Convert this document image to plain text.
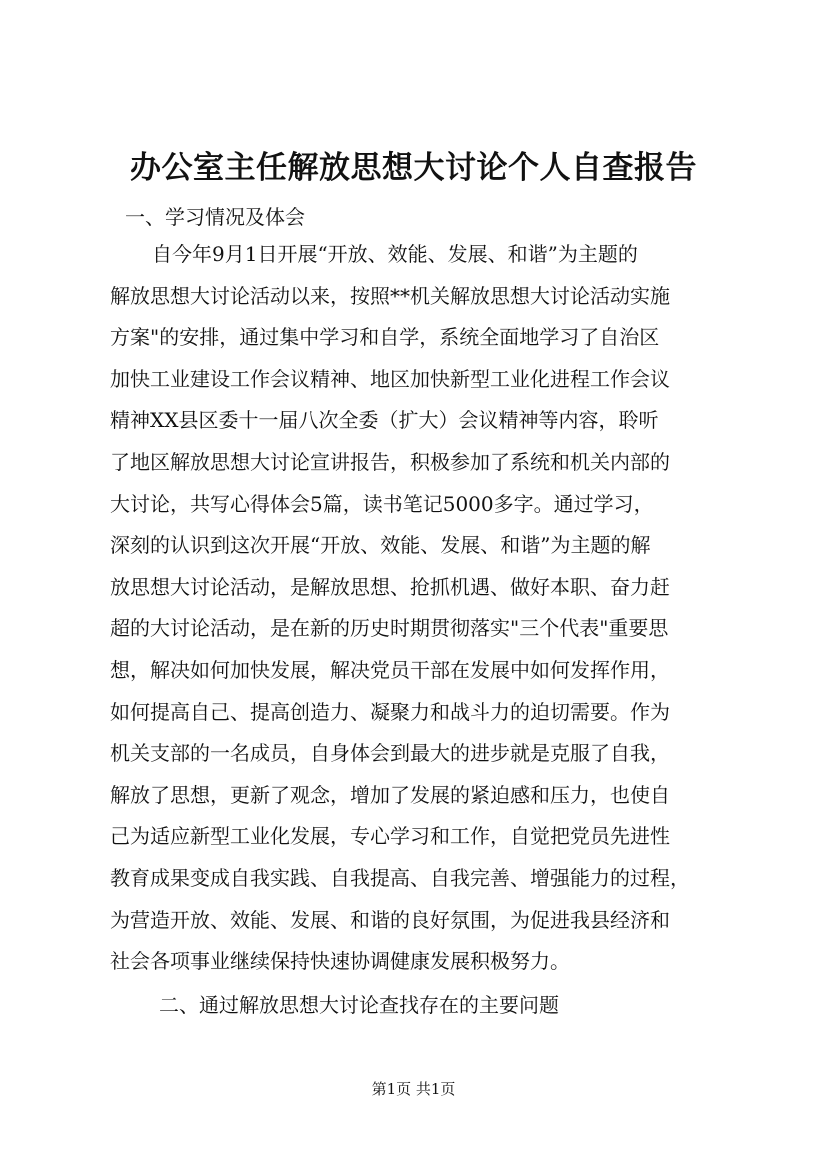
办公室主任解放思想大讨论个人自查报告

一、学习情况及体会

自今年9月1日开展“开放、效能、发展、和谐”为主题的
解放思想大讨论活动以来，按照**机关解放思想大讨论活动实施
方案"的安排，通过集中学习和自学，系统全面地学习了自治区
加快工业建设工作会议精神、地区加快新型工业化进程工作会议
精神XX县区委十一届八次全委（扩大）会议精神等内容，聆听
了地区解放思想大讨论宣讲报告，积极参加了系统和机关内部的
大讨论，共写心得体会5篇，读书笔记5000多字。通过学习，
深刻的认识到这次开展“开放、效能、发展、和谐”为主题的解
放思想大讨论活动，是解放思想、抢抓机遇、做好本职、奋力赶
超的大讨论活动，是在新的历史时期贯彻落实"三个代表"重要思
想，解决如何加快发展，解决党员干部在发展中如何发挥作用，
如何提高自己、提高创造力、凝聚力和战斗力的迫切需要。作为
机关支部的一名成员，自身体会到最大的进步就是克服了自我，
解放了思想，更新了观念，增加了发展的紧迫感和压力，也使自
己为适应新型工业化发展，专心学习和工作，自觉把党员先进性
教育成果变成自我实践、自我提高、自我完善、增强能力的过程，
为营造开放、效能、发展、和谐的良好氛围，为促进我县经济和
社会各项事业继续保持快速协调健康发展积极努力。

二、通过解放思想大讨论查找存在的主要问题

第1页 共1页
